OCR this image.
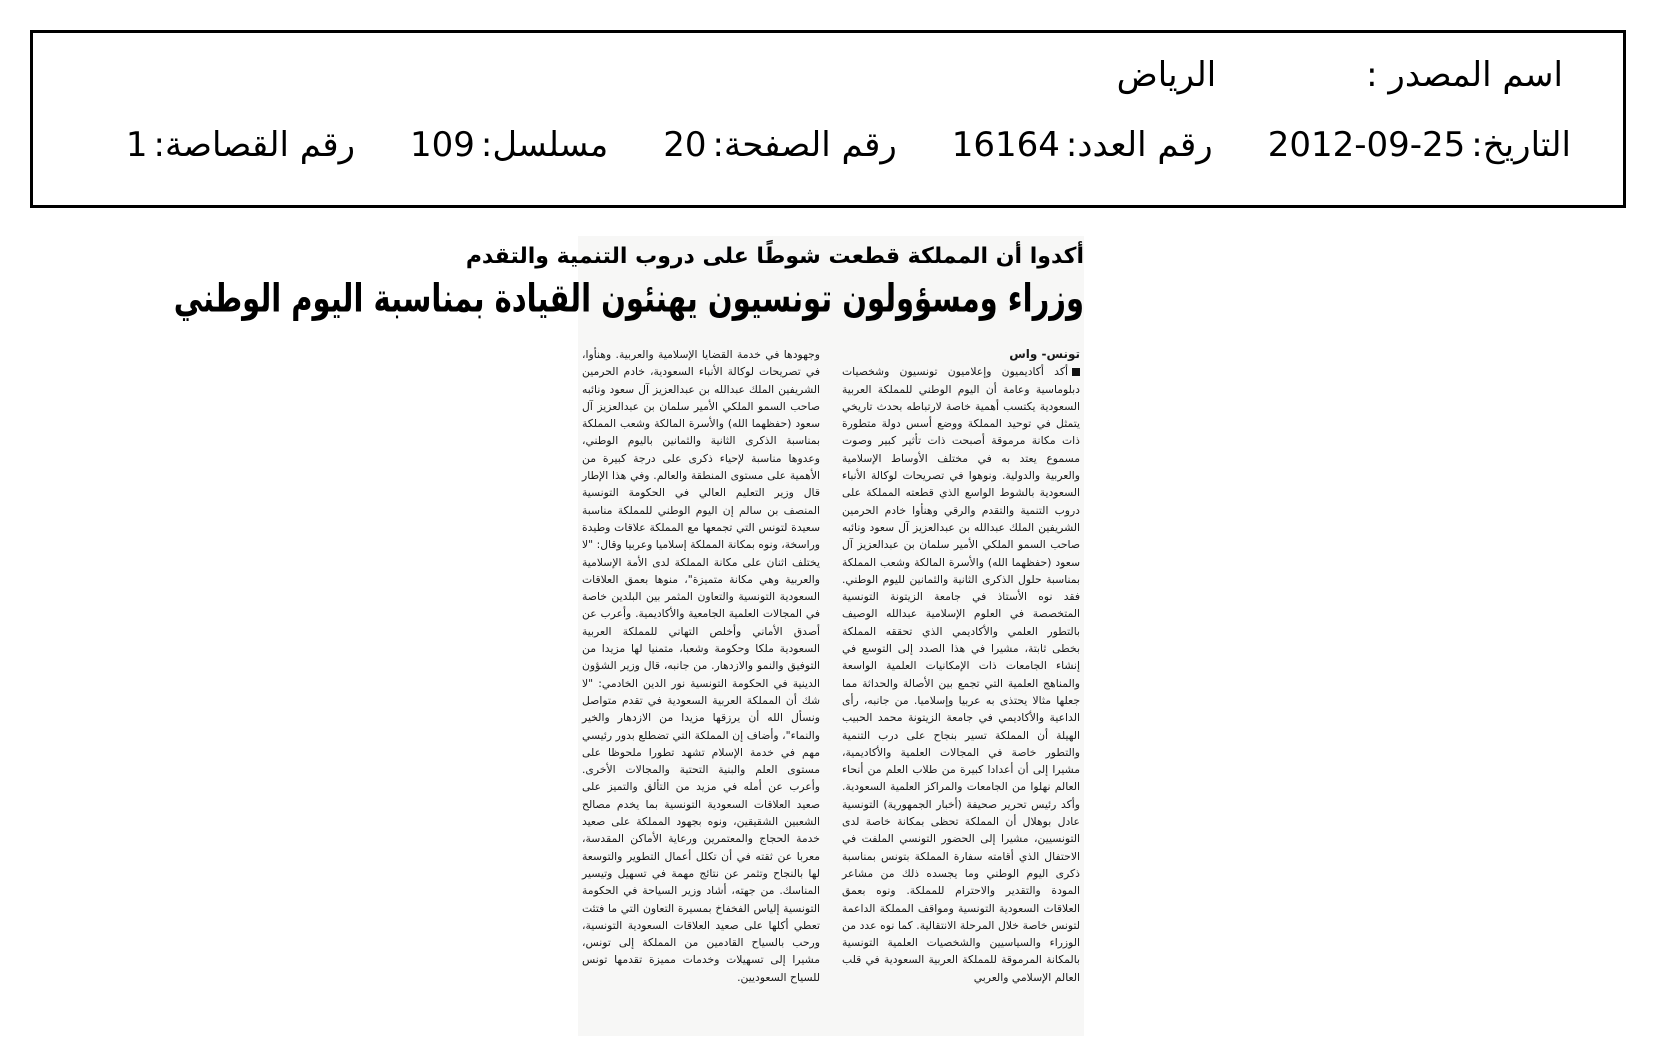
اسم المصدر :
الرياض
التاريخ:
2012-09-25
رقم العدد:
16164
رقم الصفحة:
20
مسلسل:
109
رقم القصاصة:
1
أكدوا أن المملكة قطعت شوطًا على دروب التنمية والتقدم
وزراء ومسؤولون تونسيون يهنئون القيادة بمناسبة اليوم الوطني
تونس- واس
أكد أكاديميون وإعلاميون تونسيون وشخصيات دبلوماسية وعامة أن اليوم الوطني للمملكة العربية السعودية يكتسب أهمية خاصة لارتباطه بحدث تاريخي يتمثل في توحيد المملكة ووضع أسس دولة متطورة ذات مكانة مرموقة أصبحت ذات تأثير كبير وصوت مسموع يعتد به في مختلف الأوساط الإسلامية والعربية والدولية. ونوهوا في تصريحات لوكالة الأنباء السعودية بالشوط الواسع الذي قطعته المملكة على دروب التنمية والتقدم والرقي وهنأوا خادم الحرمين الشريفين الملك عبدالله بن عبدالعزيز آل سعود ونائبه صاحب السمو الملكي الأمير سلمان بن عبدالعزيز آل سعود (حفظهما الله) والأسرة المالكة وشعب المملكة بمناسبة حلول الذكرى الثانية والثمانين لليوم الوطني. فقد نوه الأستاذ في جامعة الزيتونة التونسية المتخصصة في العلوم الإسلامية عبدالله الوصيف بالتطور العلمي والأكاديمي الذي تحققه المملكة بخطى ثابتة، مشيرا في هذا الصدد إلى التوسع في إنشاء الجامعات ذات الإمكانيات العلمية الواسعة والمناهج العلمية التي تجمع بين الأصالة والحداثة مما جعلها مثالا يحتذى به عربيا وإسلاميا. من جانبه، رأى الداعية والأكاديمي في جامعة الزيتونة محمد الحبيب الهيلة أن المملكة تسير بنجاح على درب التنمية والتطور خاصة في المجالات العلمية والأكاديمية، مشيرا إلى أن أعدادا كبيرة من طلاب العلم من أنحاء العالم نهلوا من الجامعات والمراكز العلمية السعودية. وأكد رئيس تحرير صحيفة (أخبار الجمهورية) التونسية عادل بوهلال أن المملكة تحظى بمكانة خاصة لدى التونسيين، مشيرا إلى الحضور التونسي الملفت في الاحتفال الذي أقامته سفارة المملكة بتونس بمناسبة ذكرى اليوم الوطني وما يجسده ذلك من مشاعر المودة والتقدير والاحترام للمملكة. ونوه بعمق العلاقات السعودية التونسية ومواقف المملكة الداعمة لتونس خاصة خلال المرحلة الانتقالية. كما نوه عدد من الوزراء والسياسيين والشخصيات العلمية التونسية بالمكانة المرموقة للمملكة العربية السعودية في قلب العالم الإسلامي والعربي
وجهودها في خدمة القضايا الإسلامية والعربية. وهنأوا، في تصريحات لوكالة الأنباء السعودية، خادم الحرمين الشريفين الملك عبدالله بن عبدالعزيز آل سعود ونائبه صاحب السمو الملكي الأمير سلمان بن عبدالعزيز آل سعود (حفظهما الله) والأسرة المالكة وشعب المملكة بمناسبة الذكرى الثانية والثمانين باليوم الوطني، وعدوها مناسبة لإحياء ذكرى على درجة كبيرة من الأهمية على مستوى المنطقة والعالم. وفي هذا الإطار قال وزير التعليم العالي في الحكومة التونسية المنصف بن سالم إن اليوم الوطني للمملكة مناسبة سعيدة لتونس التي تجمعها مع المملكة علاقات وطيدة وراسخة، ونوه بمكانة المملكة إسلاميا وعربيا وقال: "لا يختلف اثنان على مكانة المملكة لدى الأمة الإسلامية والعربية وهي مكانة متميزة"، منوها بعمق العلاقات السعودية التونسية والتعاون المثمر بين البلدين خاصة في المجالات العلمية الجامعية والأكاديمية. وأعرب عن أصدق الأماني وأخلص التهاني للمملكة العربية السعودية ملكا وحكومة وشعبا، متمنيا لها مزيدا من التوفيق والنمو والازدهار. من جانبه، قال وزير الشؤون الدينية في الحكومة التونسية نور الدين الخادمي: "لا شك أن المملكة العربية السعودية في تقدم متواصل ونسأل الله أن يرزقها مزيدا من الازدهار والخير والنماء"، وأضاف إن المملكة التي تضطلع بدور رئيسي مهم في خدمة الإسلام تشهد تطورا ملحوظا على مستوى العلم والبنية التحتية والمجالات الأخرى. وأعرب عن أمله في مزيد من التألق والتميز على صعيد العلاقات السعودية التونسية بما يخدم مصالح الشعبين الشقيقين، ونوه بجهود المملكة على صعيد خدمة الحجاج والمعتمرين ورعاية الأماكن المقدسة، معربا عن ثقته في أن تكلل أعمال التطوير والتوسعة لها بالنجاح وتثمر عن نتائج مهمة في تسهيل وتيسير المناسك. من جهته، أشاد وزير السياحة في الحكومة التونسية إلياس الفخفاخ بمسيرة التعاون التي ما فتئت تعطي أكلها على صعيد العلاقات السعودية التونسية، ورحب بالسياح القادمين من المملكة إلى تونس، مشيرا إلى تسهيلات وخدمات مميزة تقدمها تونس للسياح السعوديين.
